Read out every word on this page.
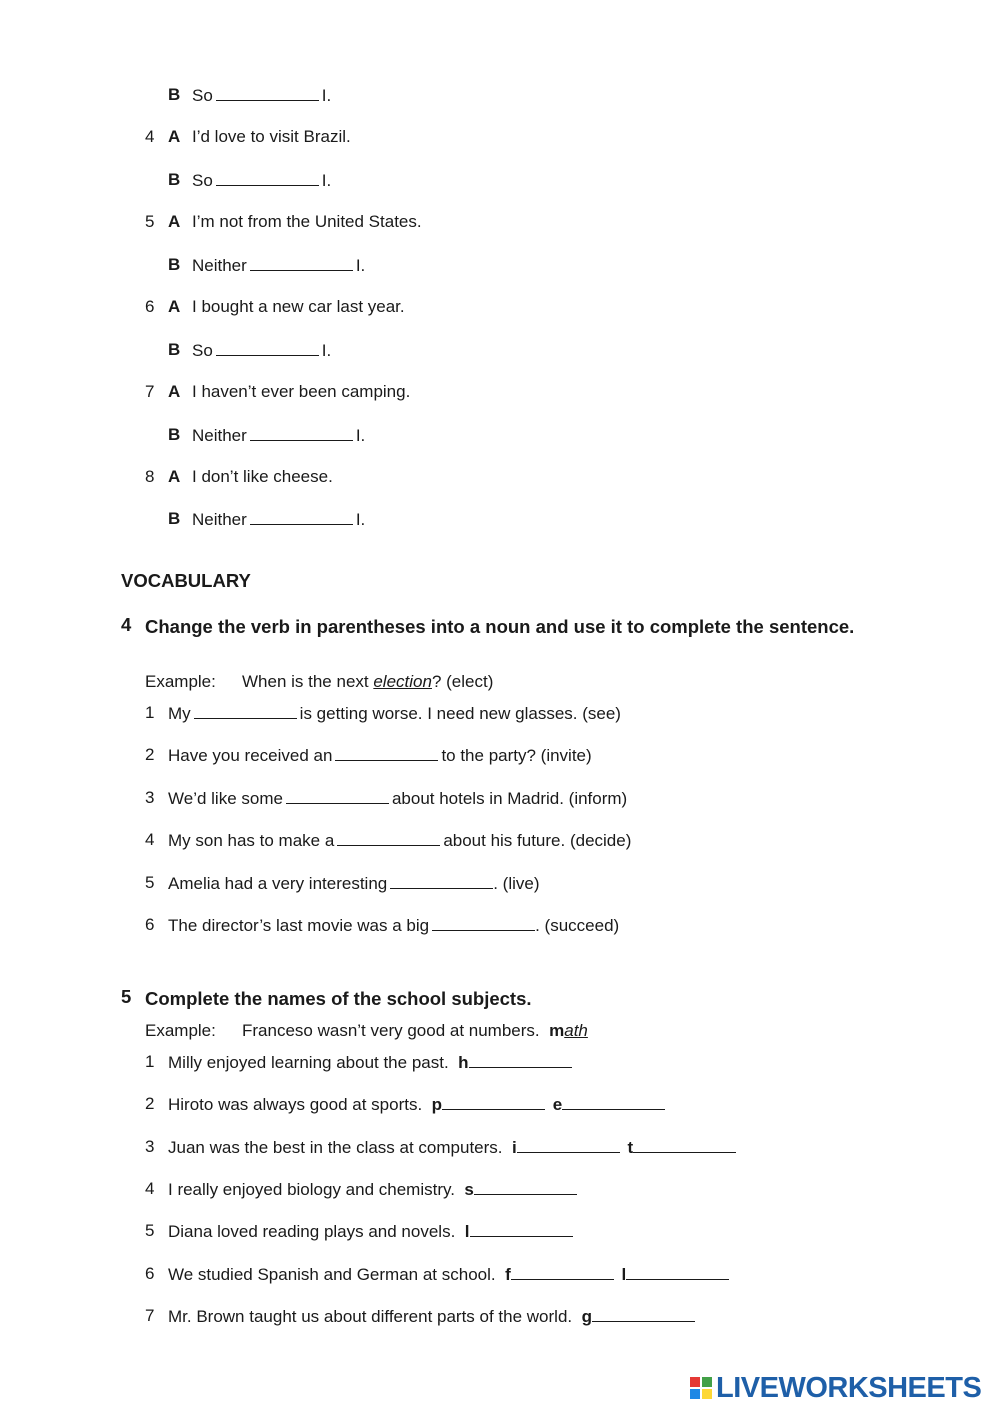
B So	I.
4 A I’d love to visit Brazil.
B So	I.
5 A I’m not from the United States.
B Neither	I.
6 A I bought a new car last year.
B So	I.
7 A I haven’t ever been camping.
B Neither	I.
8 A I don’t like cheese.
B Neither	I.
VOCABULARY
4 Change the verb in parentheses into a noun and use it to complete the sentence.
Example: When is the next election? (elect)
1 My	is getting worse. I need new glasses. (see)
2 Have you received an	to the party? (invite)
3 We’d like some	about hotels in Madrid. (inform)
4 My son has to make a	about his future. (decide)
5 Amelia had a very interesting	. (live)
6 The director’s last movie was a big	. (succeed)
5 Complete the names of the school subjects.
Example: Franceso wasn’t very good at numbers. math
1 Milly enjoyed learning about the past. h
2 Hiroto was always good at sports. p	e
3 Juan was the best in the class at computers. i	t
4 I really enjoyed biology and chemistry. s
5 Diana loved reading plays and novels. l
6 We studied Spanish and German at school. f	l
7 Mr. Brown taught us about different parts of the world. g
LIVEWORKSHEETS
